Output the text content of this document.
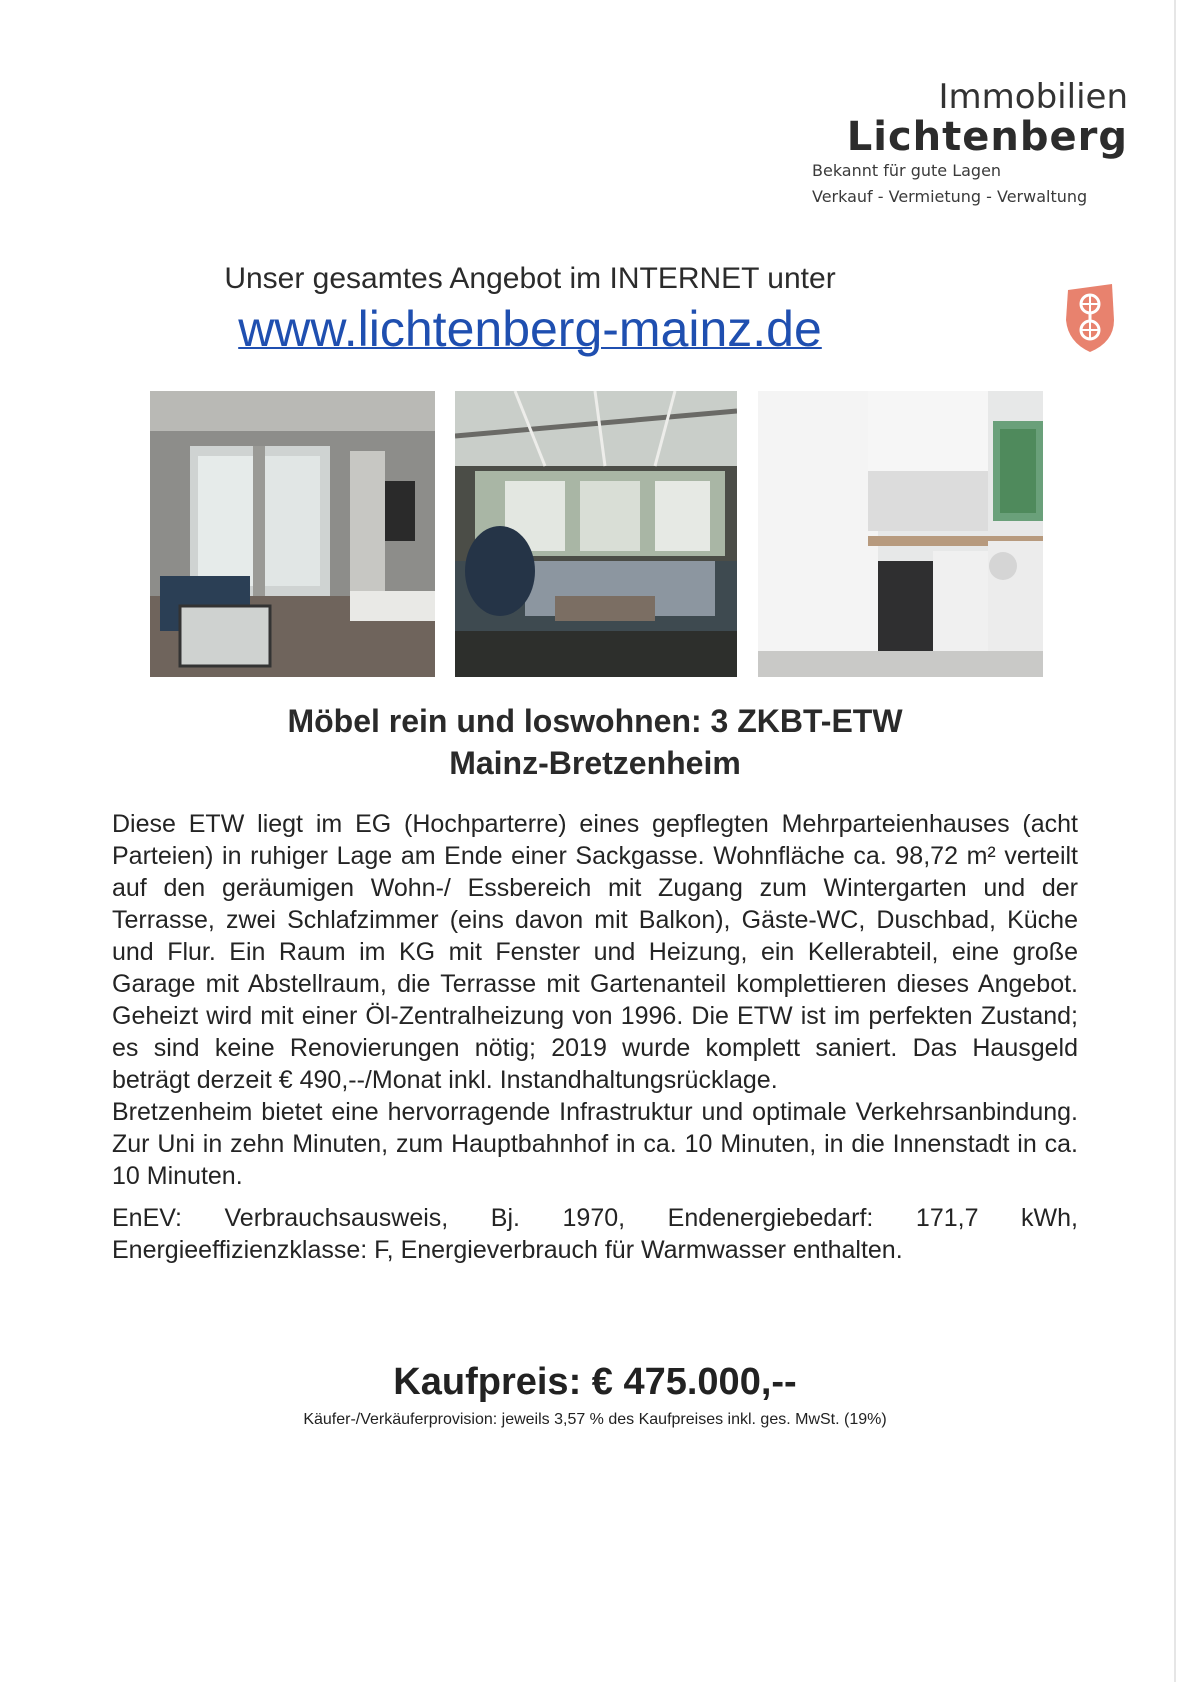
Immobilien
Lichtenberg
Bekannt für gute Lagen
Verkauf - Vermietung - Verwaltung
Unser gesamtes Angebot im INTERNET unter
www.lichtenberg-mainz.de
Möbel rein und loswohnen: 3 ZKBT-ETW
Mainz-Bretzenheim

Diese ETW liegt im EG (Hochparterre) eines gepflegten Mehrparteienhauses (acht Parteien) in ruhiger Lage am Ende einer Sackgasse. Wohnfläche ca. 98,72 m² verteilt auf den geräumigen Wohn-/ Essbereich mit Zugang zum Wintergarten und der Terrasse, zwei Schlafzimmer (eins davon mit Balkon), Gäste-WC, Duschbad, Küche und Flur. Ein Raum im KG mit Fenster und Heizung, ein Kellerabteil, eine große Garage mit Abstellraum, die Terrasse mit Gartenanteil komplettieren dieses Angebot. Geheizt wird mit einer Öl-Zentralheizung von 1996. Die ETW ist im perfekten Zustand; es sind keine Renovierungen nötig; 2019 wurde komplett saniert. Das Hausgeld beträgt derzeit € 490,--/Monat inkl. Instandhaltungsrücklage.

Bretzenheim bietet eine hervorragende Infrastruktur und optimale Verkehrsanbindung. Zur Uni in zehn Minuten, zum Hauptbahnhof in ca. 10 Minuten, in die Innenstadt in ca. 10 Minuten.

EnEV: Verbrauchsausweis, Bj. 1970, Endenergiebedarf: 171,7 kWh, Energieeffizienzklasse: F, Energieverbrauch für Warmwasser enthalten.

Kaufpreis: € 475.000,--
Käufer-/Verkäuferprovision: jeweils 3,57 % des Kaufpreises inkl. ges. MwSt. (19%)
